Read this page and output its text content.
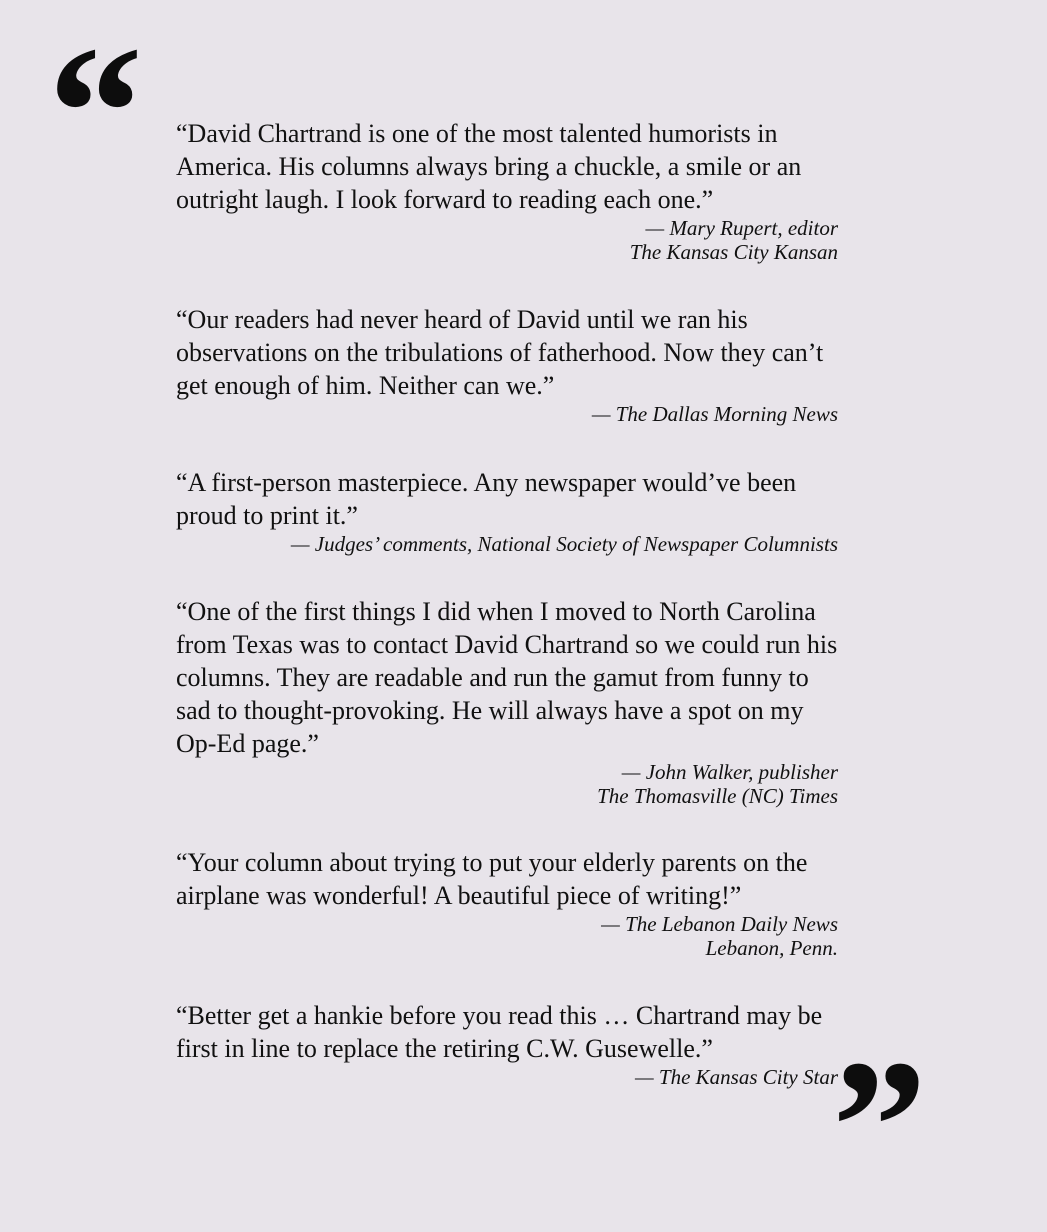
“ “David Chartrand is one of the most talented humorists in America. His columns always bring a chuckle, a smile or an outright laugh. I look forward to reading each one.”

— Mary Rupert, editor
The Kansas City Kansan

“Our readers had never heard of David until we ran his observations on the tribulations of fatherhood. Now they can’t get enough of him. Neither can we.”

— The Dallas Morning News

“A first-person masterpiece. Any newspaper would’ve been proud to print it.”

— Judges’ comments, National Society of Newspaper Columnists

“One of the first things I did when I moved to North Carolina from Texas was to contact David Chartrand so we could run his columns. They are readable and run the gamut from funny to sad to thought-provoking. He will always have a spot on my Op-Ed page.”

— John Walker, publisher
The Thomasville (NC) Times

“Your column about trying to put your elderly parents on the airplane was wonderful! A beautiful piece of writing!”

— The Lebanon Daily News
Lebanon, Penn.

“Better get a hankie before you read this … Chartrand may be first in line to replace the retiring C.W. Gusewelle.”

— The Kansas City Star

”
